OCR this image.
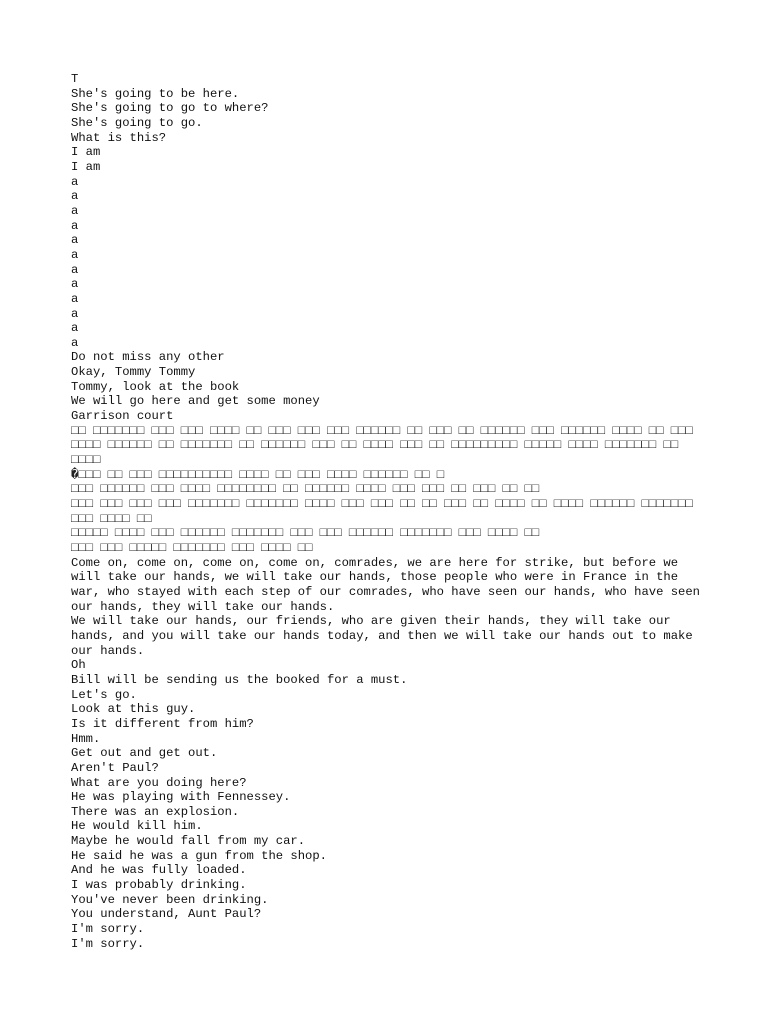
T
She's going to be here.
She's going to go to where?
She's going to go.
What is this?
I am
I am
a
a
a
a
a
a
a
a
a
a
a
a
Do not miss any other
Okay, Tommy Tommy
Tommy, look at the book
We will go here and get some money
Garrison court
□□ □□□□□□□ □□□ □□□ □□□□ □□ □□□ □□□ □□□ □□□□□□ □□ □□□ □□ □□□□□□ □□□ □□□□□□ □□□□ □□ □□□
□□□□ □□□□□□ □□ □□□□□□□ □□ □□□□□□ □□□ □□ □□□□ □□□ □□ □□□□□□□□□ □□□□□ □□□□ □□□□□□□ □□ □□□□
�□□□ □□ □□□ □□□□□□□□□□ □□□□ □□ □□□ □□□□ □□□□□□ □□ □
□□□ □□□□□□ □□□ □□□□ □□□□□□□□ □□ □□□□□□ □□□□ □□□ □□□ □□ □□□ □□ □□
□□□ □□□ □□□ □□□ □□□□□□□ □□□□□□□ □□□□ □□□ □□□ □□ □□ □□□ □□ □□□□ □□ □□□□ □□□□□□ □□□□□□□
□□□ □□□□ □□
□□□□□ □□□□ □□□ □□□□□□ □□□□□□□ □□□ □□□ □□□□□□ □□□□□□□ □□□ □□□□ □□
□□□ □□□ □□□□□ □□□□□□□ □□□ □□□□ □□
Come on, come on, come on, come on, comrades, we are here for strike, but before we will take our hands, we will take our hands, those people who were in France in the war, who stayed with each step of our comrades, who have seen our hands, who have seen our hands, they will take our hands.
We will take our hands, our friends, who are given their hands, they will take our hands, and you will take our hands today, and then we will take our hands out to make our hands.
Oh
Bill will be sending us the booked for a must.
Let's go.
Look at this guy.
Is it different from him?
Hmm.
Get out and get out.
Aren't Paul?
What are you doing here?
He was playing with Fennessey.
There was an explosion.
He would kill him.
Maybe he would fall from my car.
He said he was a gun from the shop.
And he was fully loaded.
I was probably drinking.
You've never been drinking.
You understand, Aunt Paul?
I'm sorry.
I'm sorry.
